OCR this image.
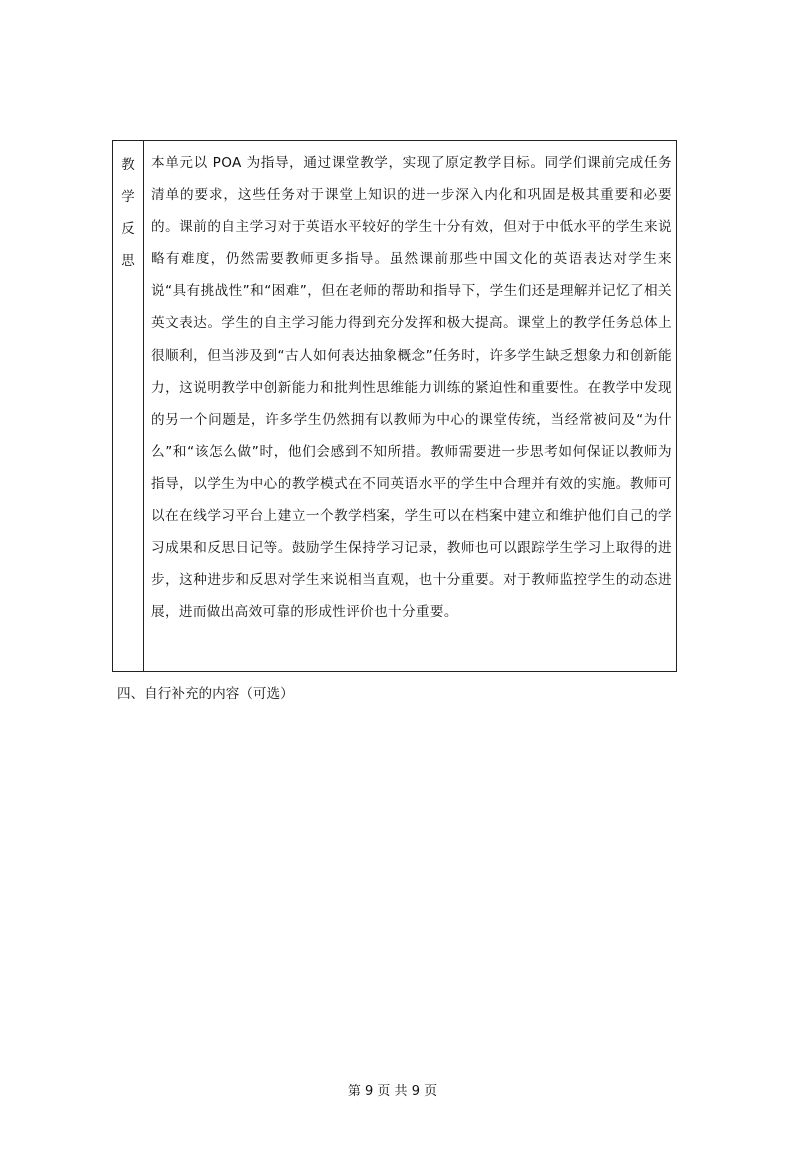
教
学
反
思

本单元以 POA 为指导，通过课堂教学，实现了原定教学目标。同学们课前完成任务清单的要求，这些任务对于课堂上知识的进一步深入内化和巩固是极其重要和必要的。课前的自主学习对于英语水平较好的学生十分有效，但对于中低水平的学生来说略有难度，仍然需要教师更多指导。虽然课前那些中国文化的英语表达对学生来说“具有挑战性”和“困难”，但在老师的帮助和指导下，学生们还是理解并记忆了相关英文表达。学生的自主学习能力得到充分发挥和极大提高。课堂上的教学任务总体上很顺利，但当涉及到“古人如何表达抽象概念”任务时，许多学生缺乏想象力和创新能力，这说明教学中创新能力和批判性思维能力训练的紧迫性和重要性。在教学中发现的另一个问题是，许多学生仍然拥有以教师为中心的课堂传统，当经常被问及“为什么”和“该怎么做”时，他们会感到不知所措。教师需要进一步思考如何保证以教师为指导，以学生为中心的教学模式在不同英语水平的学生中合理并有效的实施。教师可以在在线学习平台上建立一个教学档案，学生可以在档案中建立和维护他们自己的学习成果和反思日记等。鼓励学生保持学习记录，教师也可以跟踪学生学习上取得的进步，这种进步和反思对学生来说相当直观，也十分重要。对于教师监控学生的动态进展，进而做出高效可靠的形成性评价也十分重要。

四、自行补充的内容（可选）
第 9 页 共 9 页
